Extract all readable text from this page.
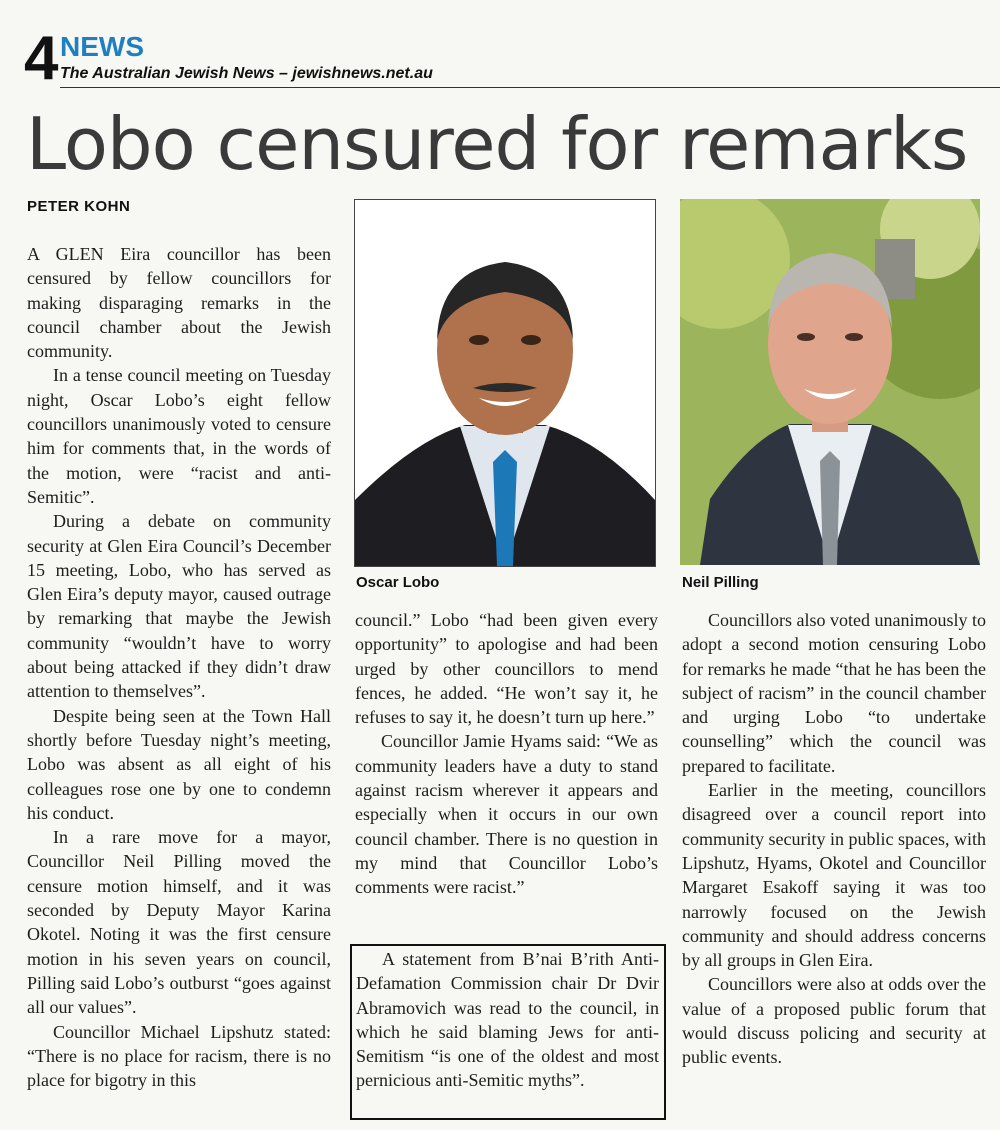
4 NEWS
The Australian Jewish News – jewishnews.net.au
Lobo censured for remarks
PETER KOHN

A GLEN Eira councillor has been censured by fellow councillors for making disparaging remarks in the council chamber about the Jewish community.

In a tense council meeting on Tuesday night, Oscar Lobo’s eight fellow councillors unanimously voted to censure him for comments that, in the words of the motion, were “racist and anti-Semitic”.

During a debate on community security at Glen Eira Council’s December 15 meeting, Lobo, who has served as Glen Eira’s deputy mayor, caused outrage by remarking that maybe the Jewish community “wouldn’t have to worry about being attacked if they didn’t draw attention to themselves”.

Despite being seen at the Town Hall shortly before Tuesday night’s meeting, Lobo was absent as all eight of his colleagues rose one by one to condemn his conduct.

In a rare move for a mayor, Councillor Neil Pilling moved the censure motion himself, and it was seconded by Deputy Mayor Karina Okotel. Noting it was the first censure motion in his seven years on council, Pilling said Lobo’s outburst “goes against all our values”.

Councillor Michael Lipshutz stated: “There is no place for racism, there is no place for bigotry in this

Oscar Lobo	Neil Pilling

council.” Lobo “had been given every opportunity” to apologise and had been urged by other councillors to mend fences, he added. “He won’t say it, he refuses to say it, he doesn’t turn up here.”

Councillor Jamie Hyams said: “We as community leaders have a duty to stand against racism wherever it appears and especially when it occurs in our own council chamber. There is no question in my mind that Councillor Lobo’s comments were racist.”

A statement from B’nai B’rith Anti-Defamation Commission chair Dr Dvir Abramovich was read to the council, in which he said blaming Jews for anti-Semitism “is one of the oldest and most pernicious anti-Semitic myths”.

Councillors also voted unanimously to adopt a second motion censuring Lobo for remarks he made “that he has been the subject of racism” in the council chamber and urging Lobo “to undertake counselling” which the council was prepared to facilitate.

Earlier in the meeting, councillors disagreed over a council report into community security in public spaces, with Lipshutz, Hyams, Okotel and Councillor Margaret Esakoff saying it was too narrowly focused on the Jewish community and should address concerns by all groups in Glen Eira.

Councillors were also at odds over the value of a proposed public forum that would discuss policing and security at public events.
